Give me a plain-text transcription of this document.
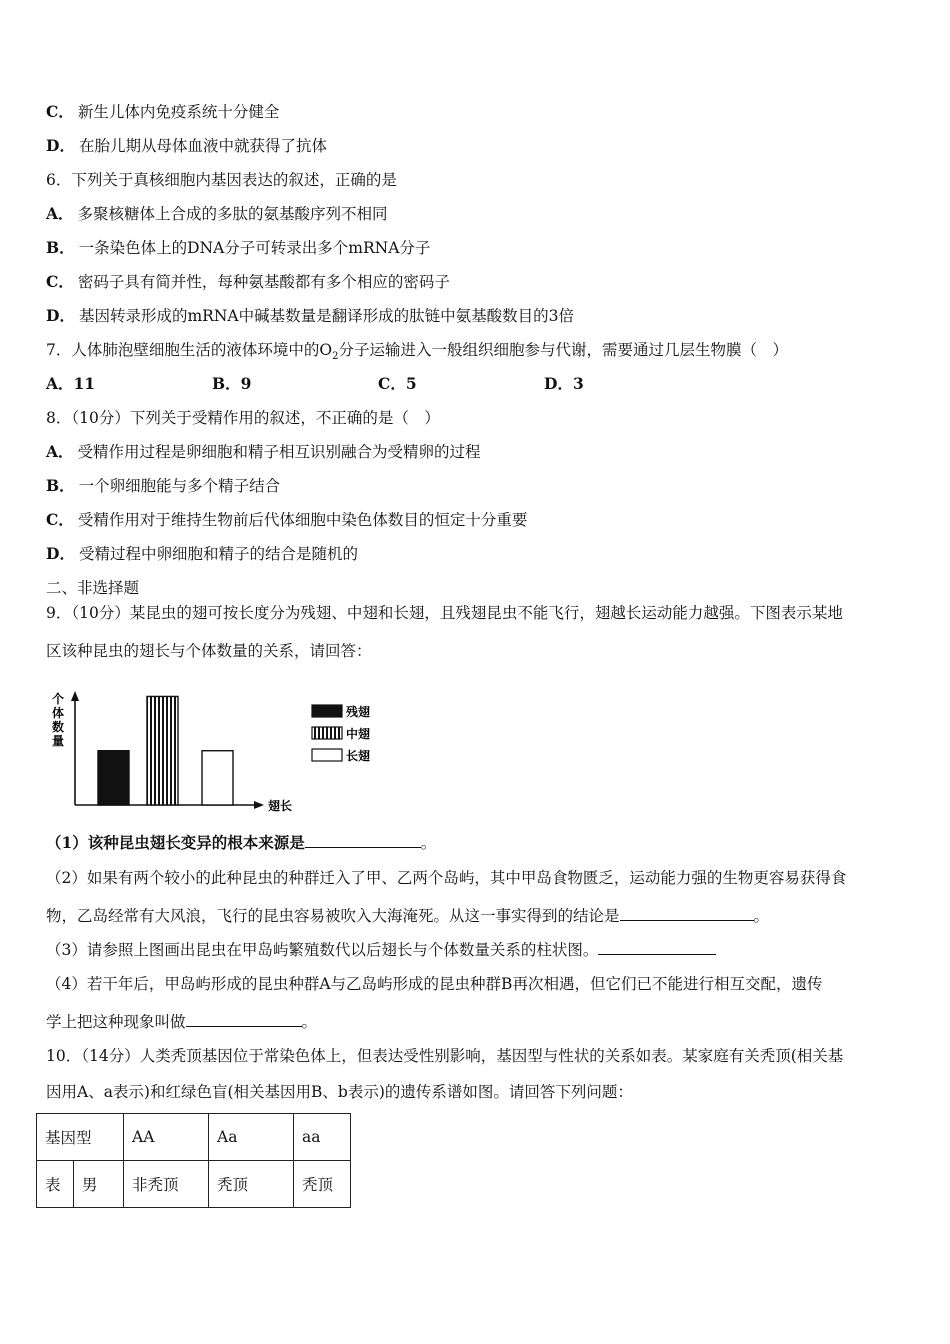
C． 新生儿体内免疫系统十分健全
D． 在胎儿期从母体血液中就获得了抗体
6．下列关于真核细胞内基因表达的叙述，正确的是
A． 多聚核糖体上合成的多肽的氨基酸序列不相同
B． 一条染色体上的DNA分子可转录出多个mRNA分子
C． 密码子具有简并性，每种氨基酸都有多个相应的密码子
D． 基因转录形成的mRNA中碱基数量是翻译形成的肽链中氨基酸数目的3倍
7．人体肺泡壁细胞生活的液体环境中的$O_2$分子运输进入一般组织细胞参与代谢，需要通过几层生物膜（　）
A．11	B．9	C．5	D．3
8．（10分）下列关于受精作用的叙述，不正确的是（　）
A． 受精作用过程是卵细胞和精子相互识别融合为受精卵的过程
B． 一个卵细胞能与多个精子结合
C． 受精作用对于维持生物前后代体细胞中染色体数目的恒定十分重要
D． 受精过程中卵细胞和精子的结合是随机的
二、非选择题
9．（10分）某昆虫的翅可按长度分为残翅、中翅和长翅，且残翅昆虫不能飞行，翅越长运动能力越强。下图表示某地
区该种昆虫的翅长与个体数量的关系，请回答：
个
体
数
量
翅长
残翅
中翅
长翅
（1）该种昆虫翅长变异的根本来源是	。
（2）如果有两个较小的此种昆虫的种群迁入了甲、乙两个岛屿，其中甲岛食物匮乏，运动能力强的生物更容易获得食
物，乙岛经常有大风浪，飞行的昆虫容易被吹入大海淹死。从这一事实得到的结论是	。
（3）请参照上图画出昆虫在甲岛屿繁殖数代以后翅长与个体数量关系的柱状图。
（4）若干年后，甲岛屿形成的昆虫种群A与乙岛屿形成的昆虫种群B再次相遇，但它们已不能进行相互交配，遗传
学上把这种现象叫做	。
10．（14分）人类秃顶基因位于常染色体上，但表达受性别影响，基因型与性状的关系如表。某家庭有关秃顶(相关基
因用A、a表示)和红绿色盲(相关基因用B、b表示)的遗传系谱如图。请回答下列问题：
基因型		AA	Aa	aa
表	男	非秃顶	秃顶	秃顶
